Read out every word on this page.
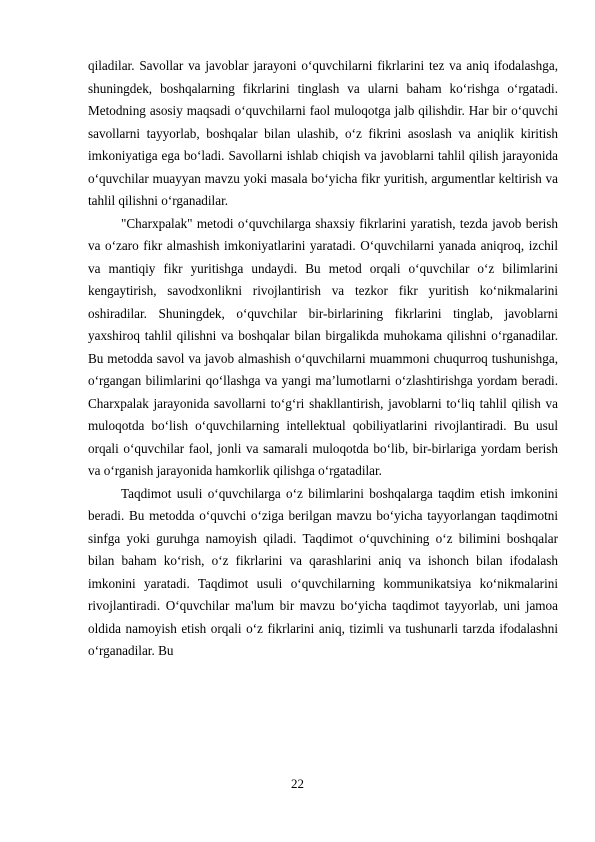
qiladilar. Savollar va javoblar jarayoni o‘quvchilarni fikrlarini tez va aniq ifodalashga, shuningdek, boshqalarning fikrlarini tinglash va ularni baham ko‘rishga o‘rgatadi. Metodning asosiy maqsadi o‘quvchilarni faol muloqotga jalb qilishdir. Har bir o‘quvchi savollarni tayyorlab, boshqalar bilan ulashib, o‘z fikrini asoslash va aniqlik kiritish imkoniyatiga ega bo‘ladi. Savollarni ishlab chiqish va javoblarni tahlil qilish jarayonida o‘quvchilar muayyan mavzu yoki masala bo‘yicha fikr yuritish, argumentlar keltirish va tahlil qilishni o‘rganadilar.

"Charxpalak" metodi o‘quvchilarga shaxsiy fikrlarini yaratish, tezda javob berish va o‘zaro fikr almashish imkoniyatlarini yaratadi. O‘quvchilarni yanada aniqroq, izchil va mantiqiy fikr yuritishga undaydi. Bu metod orqali o‘quvchilar o‘z bilimlarini kengaytirish, savodxonlikni rivojlantirish va tezkor fikr yuritish ko‘nikmalarini oshiradilar. Shuningdek, o‘quvchilar bir-birlarining fikrlarini tinglab, javoblarni yaxshiroq tahlil qilishni va boshqalar bilan birgalikda muhokama qilishni o‘rganadilar. Bu metodda savol va javob almashish o‘quvchilarni muammoni chuqurroq tushunishga, o‘rgangan bilimlarini qo‘llashga va yangi ma’lumotlarni o‘zlashtirishga yordam beradi. Charxpalak jarayonida savollarni to‘g‘ri shakllantirish, javoblarni to‘liq tahlil qilish va muloqotda bo‘lish o‘quvchilarning intellektual qobiliyatlarini rivojlantiradi. Bu usul orqali o‘quvchilar faol, jonli va samarali muloqotda bo‘lib, bir-birlariga yordam berish va o‘rganish jarayonida hamkorlik qilishga o‘rgatadilar.

Taqdimot usuli o‘quvchilarga o‘z bilimlarini boshqalarga taqdim etish imkonini beradi. Bu metodda o‘quvchi o‘ziga berilgan mavzu bo‘yicha tayyorlangan taqdimotni sinfga yoki guruhga namoyish qiladi. Taqdimot o‘quvchining o‘z bilimini boshqalar bilan baham ko‘rish, o‘z fikrlarini va qarashlarini aniq va ishonch bilan ifodalash imkonini yaratadi. Taqdimot usuli o‘quvchilarning kommunikatsiya ko‘nikmalarini rivojlantiradi. O‘quvchilar ma'lum bir mavzu bo‘yicha taqdimot tayyorlab, uni jamoa oldida namoyish etish orqali o‘z fikrlarini aniq, tizimli va tushunarli tarzda ifodalashni o‘rganadilar. Bu

22
